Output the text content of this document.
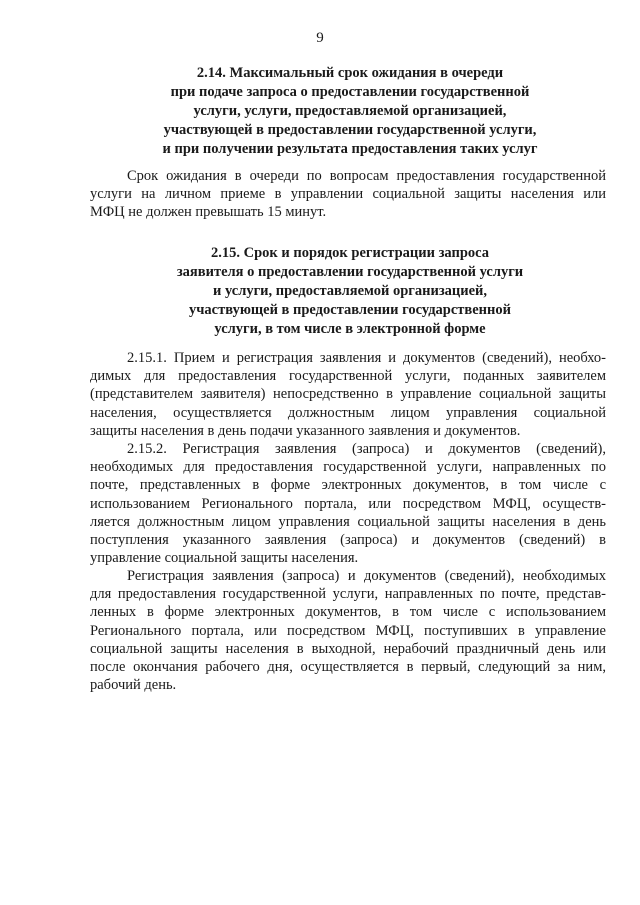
9
2.14. Максимальный срок ожидания в очереди
при подаче запроса о предоставлении государственной
услуги, услуги, предоставляемой организацией,
участвующей в предоставлении государственной услуги,
и при получении результата предоставления таких услуг
Срок ожидания в очереди по вопросам предоставления государственной
услуги на личном приеме в управлении социальной защиты населения или
МФЦ не должен превышать 15 минут.
2.15. Срок и порядок регистрации запроса
заявителя о предоставлении государственной услуги
и услуги, предоставляемой организацией,
участвующей в предоставлении государственной
услуги, в том числе в электронной форме
2.15.1. Прием и регистрация заявления и документов (сведений), необхо-
димых для предоставления государственной услуги, поданных заявителем
(представителем заявителя) непосредственно в управление социальной защиты
населения, осуществляется должностным лицом управления социальной
защиты населения в день подачи указанного заявления и документов.
2.15.2. Регистрация заявления (запроса) и документов (сведений),
необходимых для предоставления государственной услуги, направленных по
почте, представленных в форме электронных документов, в том числе с
использованием Регионального портала, или посредством МФЦ, осуществ-
ляется должностным лицом управления социальной защиты населения в день
поступления указанного заявления (запроса) и документов (сведений) в
управление социальной защиты населения.
Регистрация заявления (запроса) и документов (сведений), необходимых
для предоставления государственной услуги, направленных по почте, представ-
ленных в форме электронных документов, в том числе с использованием
Регионального портала, или посредством МФЦ, поступивших в управление
социальной защиты населения в выходной, нерабочий праздничный день или
после окончания рабочего дня, осуществляется в первый, следующий за ним,
рабочий день.
